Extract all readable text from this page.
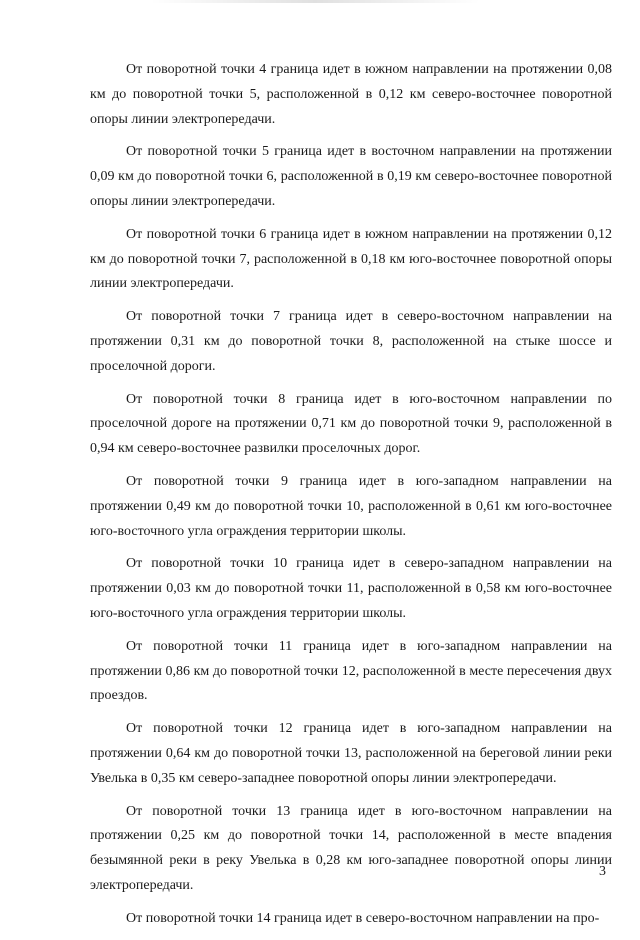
От поворотной точки 4 граница идет в южном направлении на протяжении 0,08 км до поворотной точки 5, расположенной в 0,12 км северо-восточнее поворотной опоры линии электропередачи.

От поворотной точки 5 граница идет в восточном направлении на протяжении 0,09 км до поворотной точки 6, расположенной в 0,19 км северо-восточнее поворотной опоры линии электропередачи.

От поворотной точки 6 граница идет в южном направлении на протяжении 0,12 км до поворотной точки 7, расположенной в 0,18 км юго-восточнее поворотной опоры линии электропередачи.

От поворотной точки 7 граница идет в северо-восточном направлении на протяжении 0,31 км до поворотной точки 8, расположенной на стыке шоссе и проселочной дороги.

От поворотной точки 8 граница идет в юго-восточном направлении по проселочной дороге на протяжении 0,71 км до поворотной точки 9, расположенной в 0,94 км северо-восточнее развилки проселочных дорог.

От поворотной точки 9 граница идет в юго-западном направлении на протяжении 0,49 км до поворотной точки 10, расположенной в 0,61 км юго-восточнее юго-восточного угла ограждения территории школы.

От поворотной точки 10 граница идет в северо-западном направлении на протяжении 0,03 км до поворотной точки 11, расположенной в 0,58 км юго-восточнее юго-восточного угла ограждения территории школы.

От поворотной точки 11 граница идет в юго-западном направлении на протяжении 0,86 км до поворотной точки 12, расположенной в месте пересечения двух проездов.

От поворотной точки 12 граница идет в юго-западном направлении на протяжении 0,64 км до поворотной точки 13, расположенной на береговой линии реки Увелька в 0,35 км северо-западнее поворотной опоры линии электропередачи.

От поворотной точки 13 граница идет в юго-восточном направлении на протяжении 0,25 км до поворотной точки 14, расположенной в месте впадения безымянной реки в реку Увелька в 0,28 км юго-западнее поворотной опоры линии электропередачи.

От поворотной точки 14 граница идет в северо-восточном направлении на про-

3
